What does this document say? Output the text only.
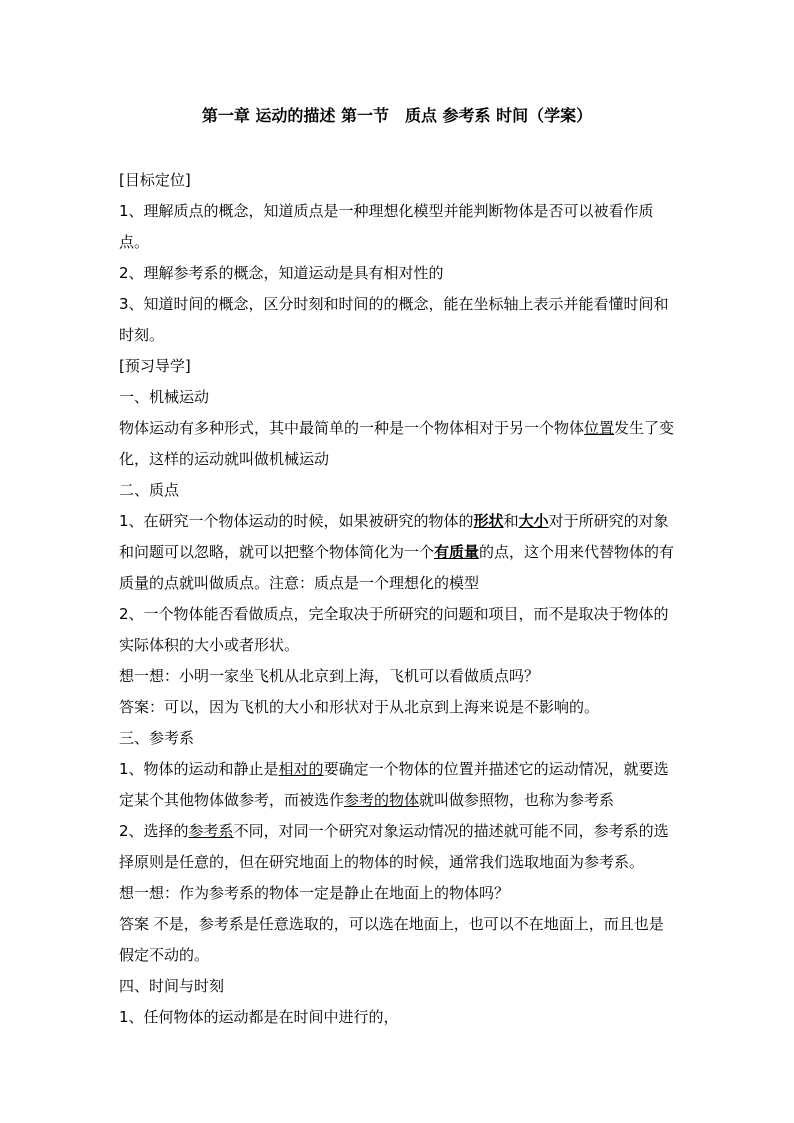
第一章 运动的描述 第一节　质点 参考系 时间（学案）

[目标定位]

1、理解质点的概念，知道质点是一种理想化模型并能判断物体是否可以被看作质点。

2、理解参考系的概念，知道运动是具有相对性的

3、知道时间的概念，区分时刻和时间的的概念，能在坐标轴上表示并能看懂时间和时刻。

[预习导学]

一、机械运动

物体运动有多种形式，其中最简单的一种是一个物体相对于另一个物体位置发生了变化，这样的运动就叫做机械运动

二、质点

1、在研究一个物体运动的时候，如果被研究的物体的形状和大小对于所研究的对象和问题可以忽略，就可以把整个物体简化为一个有质量的点，这个用来代替物体的有质量的点就叫做质点。注意：质点是一个理想化的模型

2、一个物体能否看做质点，完全取决于所研究的问题和项目，而不是取决于物体的实际体积的大小或者形状。

想一想：小明一家坐飞机从北京到上海，飞机可以看做质点吗？

答案：可以，因为飞机的大小和形状对于从北京到上海来说是不影响的。

三、参考系

1、物体的运动和静止是相对的要确定一个物体的位置并描述它的运动情况，就要选定某个其他物体做参考，而被选作参考的物体就叫做参照物，也称为参考系

2、选择的参考系不同，对同一个研究对象运动情况的描述就可能不同，参考系的选择原则是任意的，但在研究地面上的物体的时候，通常我们选取地面为参考系。

想一想：作为参考系的物体一定是静止在地面上的物体吗？

答案 不是，参考系是任意选取的，可以选在地面上，也可以不在地面上，而且也是假定不动的。

四、时间与时刻

1、任何物体的运动都是在时间中进行的，
